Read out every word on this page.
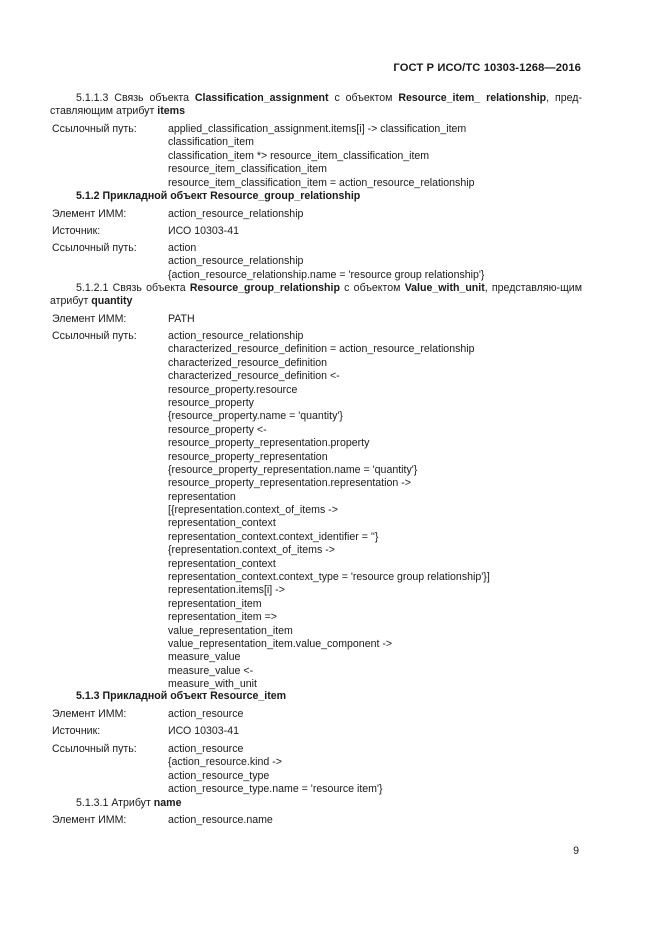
ГОСТ Р ИСО/ТС 10303-1268—2016
5.1.1.3 Связь объекта Classification_assignment с объектом Resource_item_ relationship, пред-ставляющим атрибут items
Ссылочный путь:	applied_classification_assignment.items[i] -> classification_item
classification_item
classification_item *> resource_item_classification_item
resource_item_classification_item
resource_item_classification_item = action_resource_relationship
5.1.2 Прикладной объект Resource_group_relationship
Элемент ИММ:	action_resource_relationship
Источник:	ИСО 10303-41
Ссылочный путь:	action
action_resource_relationship
{action_resource_relationship.name = 'resource group relationship'}
5.1.2.1 Связь объекта Resource_group_relationship с объектом Value_with_unit, представляю-щим атрибут quantity
Элемент ИММ:	PATH
Ссылочный путь:	action_resource_relationship
characterized_resource_definition = action_resource_relationship
characterized_resource_definition
characterized_resource_definition <-
resource_property.resource
resource_property
{resource_property.name = 'quantity'}
resource_property <-
resource_property_representation.property
resource_property_representation
{resource_property_representation.name = 'quantity'}
resource_property_representation.representation ->
representation
[{representation.context_of_items ->
representation_context
representation_context.context_identifier = ''}
{representation.context_of_items ->
representation_context
representation_context.context_type = 'resource group relationship'}]
representation.items[i] ->
representation_item
representation_item =>
value_representation_item
value_representation_item.value_component ->
measure_value
measure_value <-
measure_with_unit
5.1.3 Прикладной объект Resource_item
Элемент ИММ:	action_resource
Источник:	ИСО 10303-41
Ссылочный путь:	action_resource
{action_resource.kind ->
action_resource_type
action_resource_type.name = 'resource item'}
5.1.3.1 Атрибут name
Элемент ИММ:	action_resource.name
9
